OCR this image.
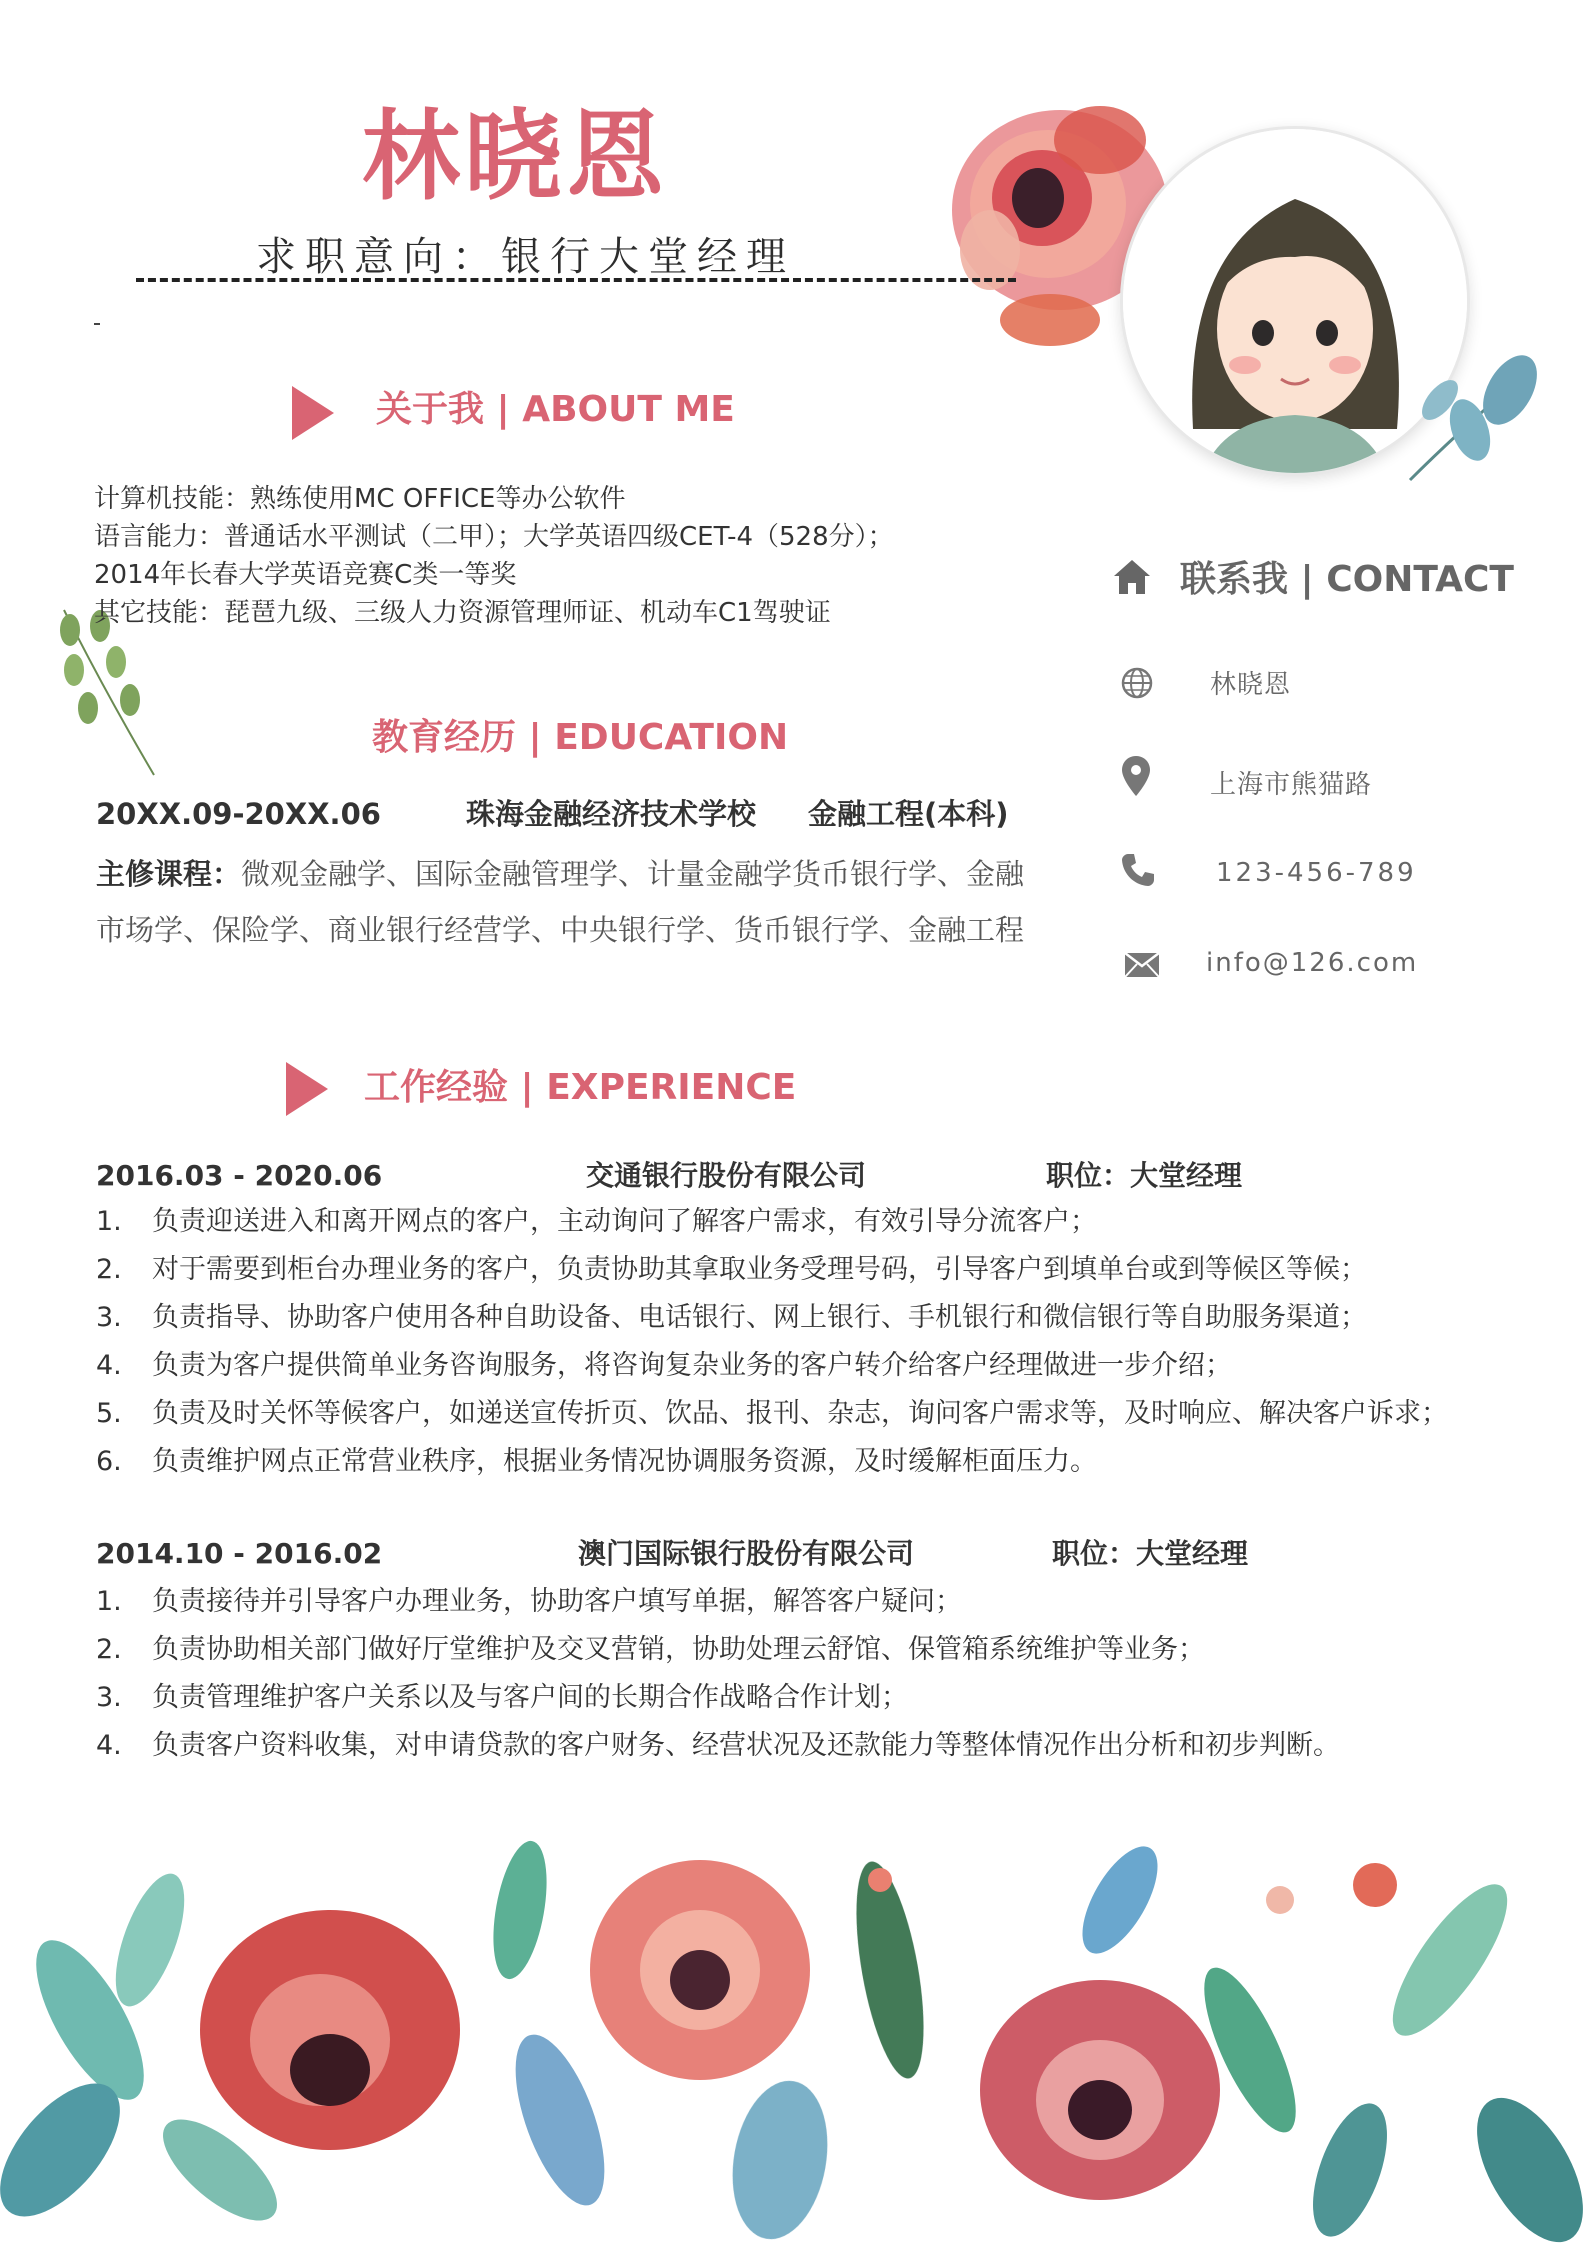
林晓恩
求职意向：银行大堂经理
关于我 | ABOUT ME
计算机技能：熟练使用MC OFFICE等办公软件
语言能力：普通话水平测试（二甲）；大学英语四级CET-4（528分）；
2014年长春大学英语竞赛C类一等奖
其它技能：琵琶九级、三级人力资源管理师证、机动车C1驾驶证
教育经历 | EDUCATION
20XX.09-20XX.06	珠海金融经济技术学校 金融工程(本科)
主修课程：微观金融学、国际金融管理学、计量金融学货币银行学、金融
市场学、保险学、商业银行经营学、中央银行学、货币银行学、金融工程
联系我 | CONTACT
林晓恩
上海市熊猫路
123-456-789
info@126.com
工作经验 | EXPERIENCE
2016.03 - 2020.06	交通银行股份有限公司	职位：大堂经理
1. 负责迎送进入和离开网点的客户，主动询问了解客户需求，有效引导分流客户；
2. 对于需要到柜台办理业务的客户，负责协助其拿取业务受理号码，引导客户到填单台或到等候区等候；
3. 负责指导、协助客户使用各种自助设备、电话银行、网上银行、手机银行和微信银行等自助服务渠道；
4. 负责为客户提供简单业务咨询服务，将咨询复杂业务的客户转介给客户经理做进一步介绍；
5. 负责及时关怀等候客户，如递送宣传折页、饮品、报刊、杂志，询问客户需求等，及时响应、解决客户诉求；
6. 负责维护网点正常营业秩序，根据业务情况协调服务资源，及时缓解柜面压力。
2014.10 - 2016.02	澳门国际银行股份有限公司	职位：大堂经理
1. 负责接待并引导客户办理业务，协助客户填写单据，解答客户疑问；
2. 负责协助相关部门做好厅堂维护及交叉营销，协助处理云舒馆、保管箱系统维护等业务；
3. 负责管理维护客户关系以及与客户间的长期合作战略合作计划；
4. 负责客户资料收集，对申请贷款的客户财务、经营状况及还款能力等整体情况作出分析和初步判断。
